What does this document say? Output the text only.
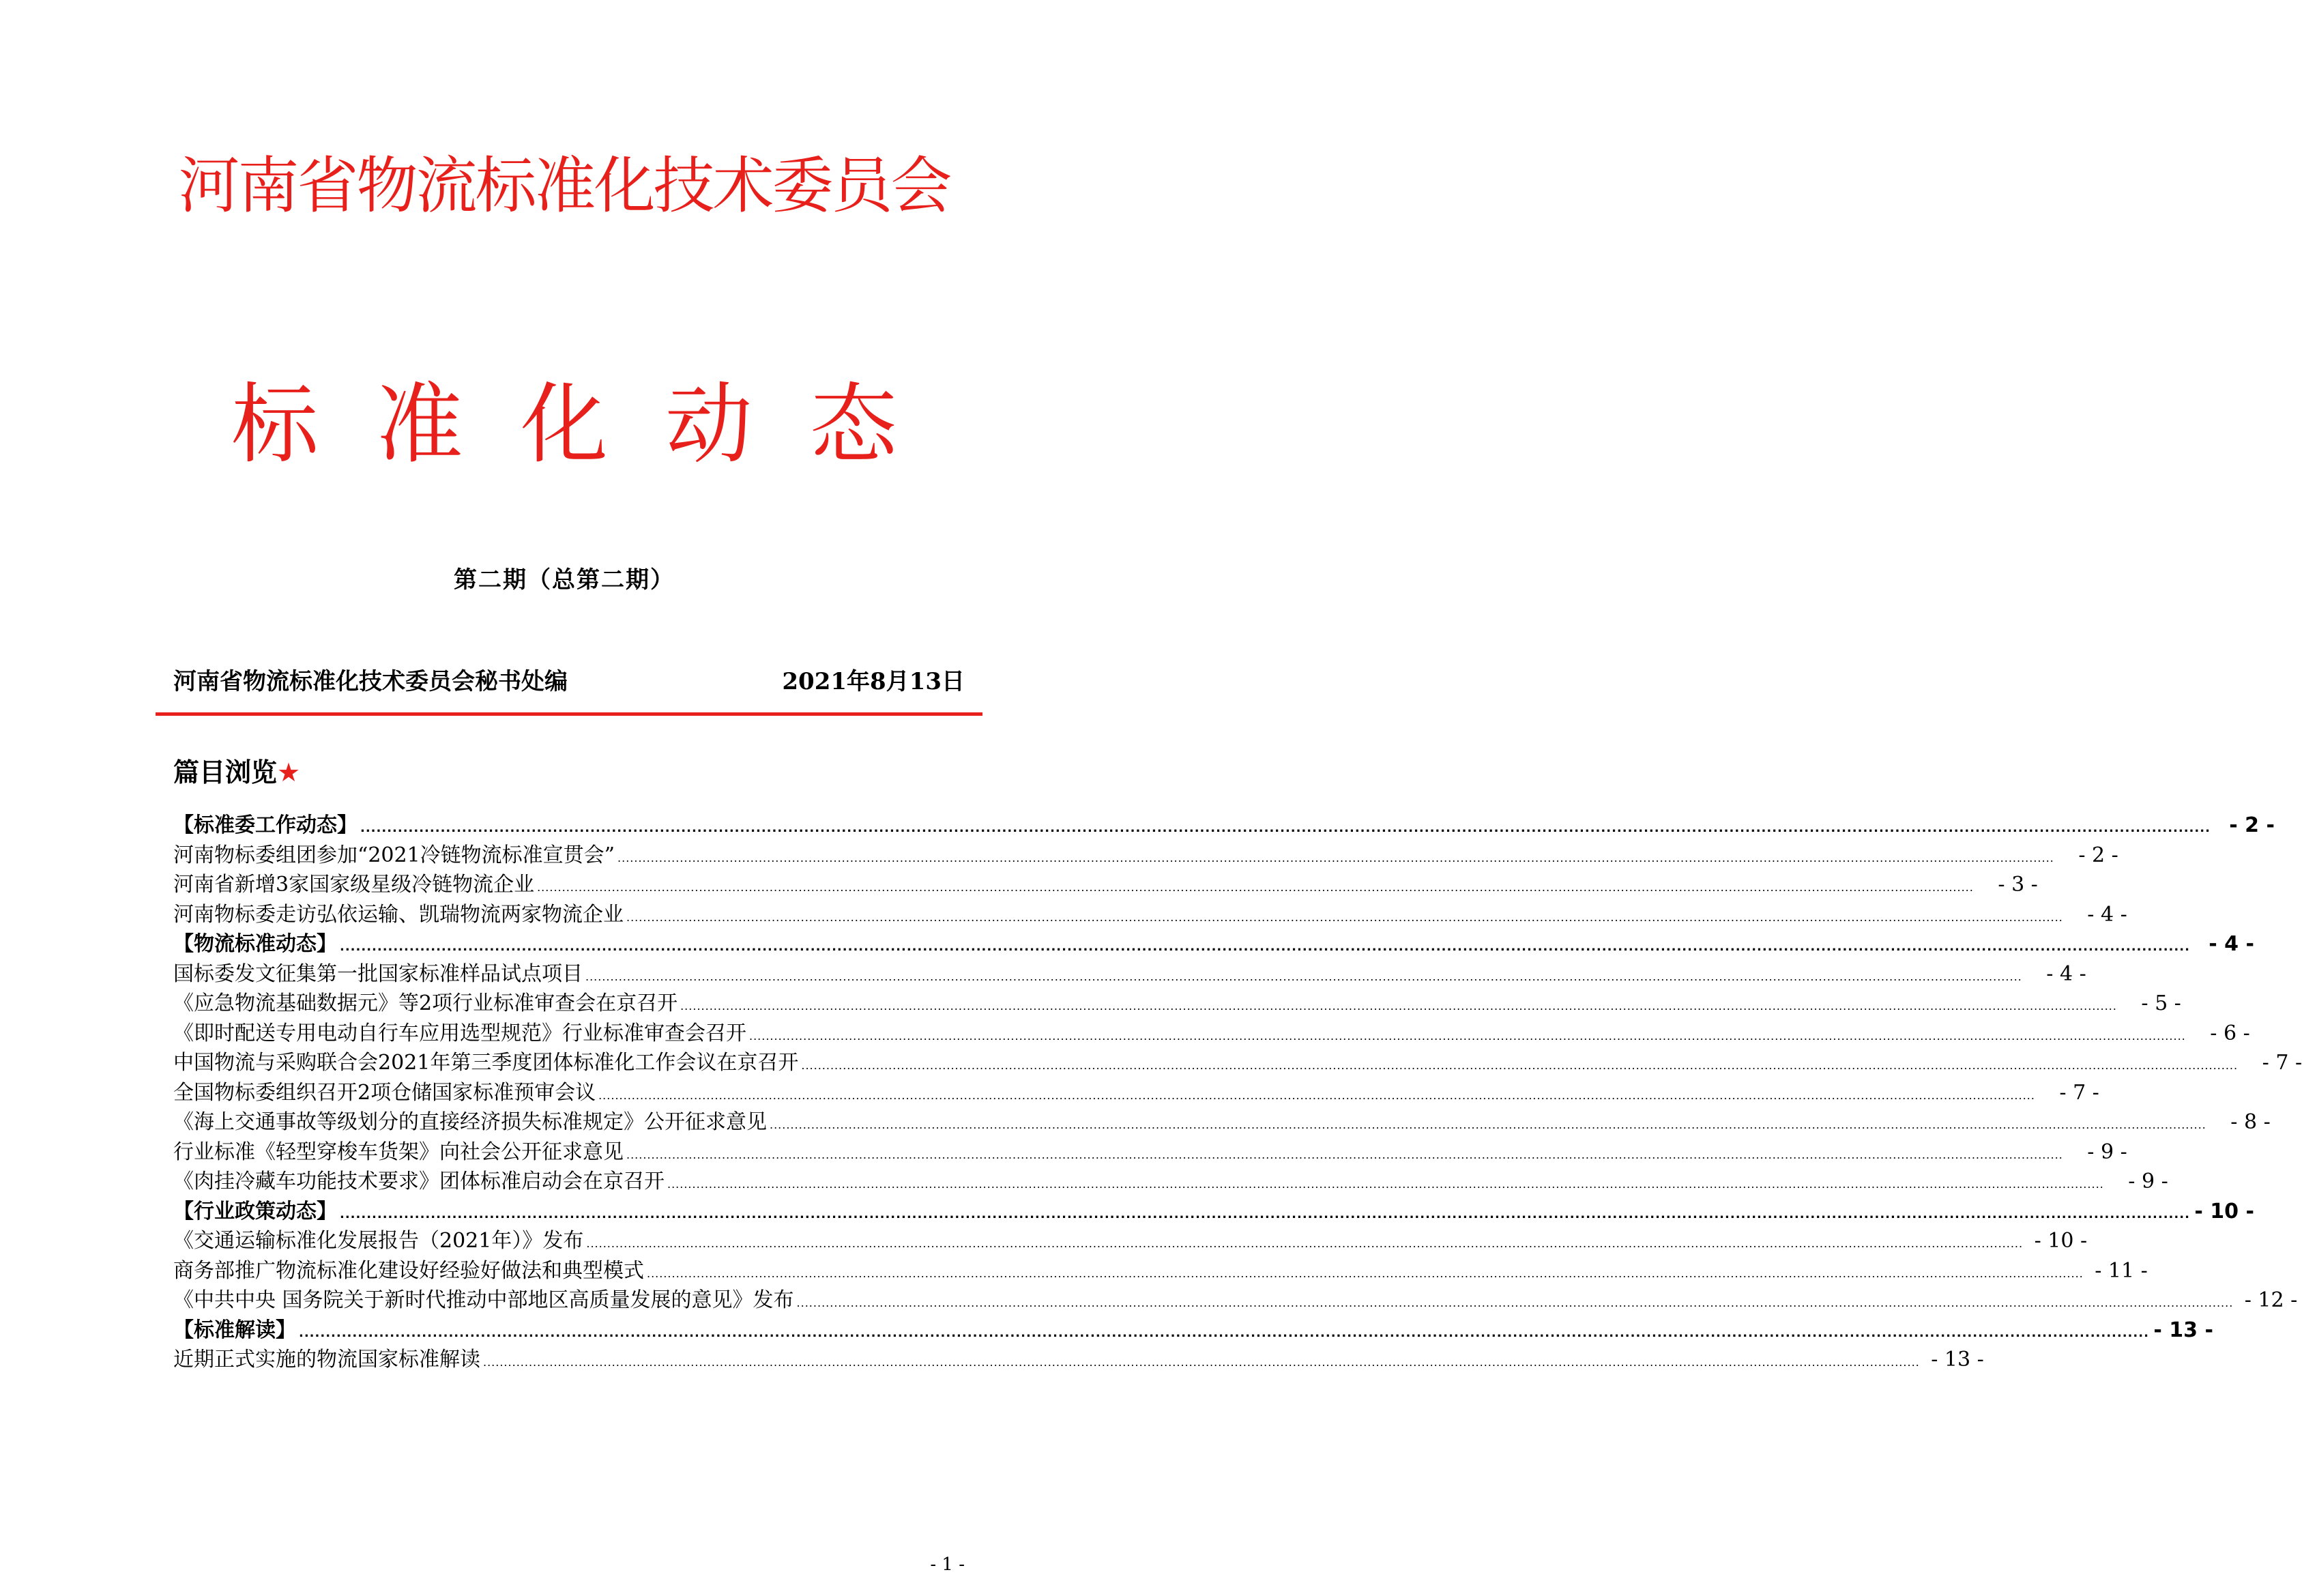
河南省物流标准化技术委员会
标准化动态
第二期（总第二期）
河南省物流标准化技术委员会秘书处编	2021年8月13日
篇目浏览★
【标准委工作动态】 .....	- 2 -
河南物标委组团参加“2021冷链物流标准宣贯会” .....	- 2 -
河南省新增3家国家级星级冷链物流企业 .....	- 3 -
河南物标委走访弘依运输、凯瑞物流两家物流企业 .....	- 4 -
【物流标准动态】 .....	- 4 -
国标委发文征集第一批国家标准样品试点项目 .....	- 4 -
《应急物流基础数据元》等2项行业标准审查会在京召开 .....	- 5 -
《即时配送专用电动自行车应用选型规范》行业标准审查会召开 .....	- 6 -
中国物流与采购联合会2021年第三季度团体标准化工作会议在京召开 .....	- 7 -
全国物标委组织召开2项仓储国家标准预审会议 .....	- 7 -
《海上交通事故等级划分的直接经济损失标准规定》公开征求意见 .....	- 8 -
行业标准《轻型穿梭车货架》向社会公开征求意见 .....	- 9 -
《肉挂冷藏车功能技术要求》团体标准启动会在京召开 .....	- 9 -
【行业政策动态】 .....	- 10 -
《交通运输标准化发展报告（2021年）》发布 .....	- 10 -
商务部推广物流标准化建设好经验好做法和典型模式 .....	- 11 -
《中共中央 国务院关于新时代推动中部地区高质量发展的意见》发布 .....	- 12 -
【标准解读】 .....	- 13 -
近期正式实施的物流国家标准解读 .....	- 13 -
- 1 -
